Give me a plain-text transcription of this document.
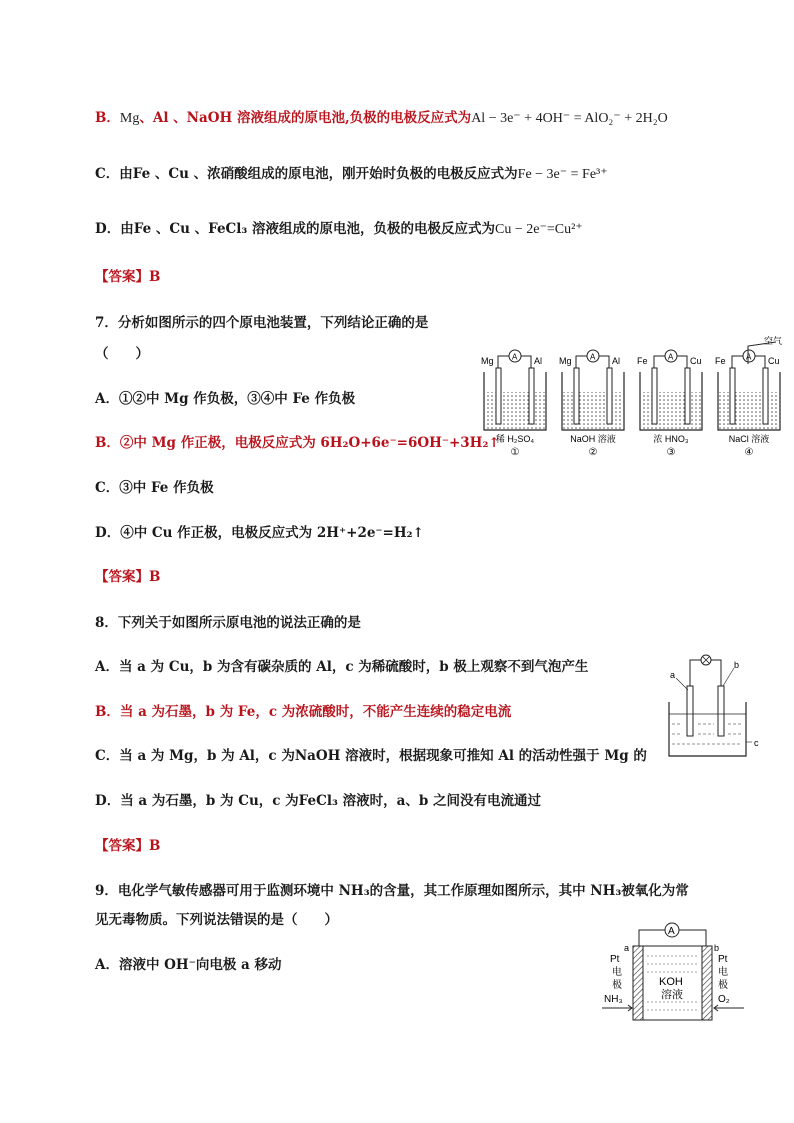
B．Mg、Al 、NaOH 溶液组成的原电池,负极的电极反应式为Al − 3e⁻ + 4OH⁻ = AlO₂⁻ + 2H₂O
C．由Fe 、Cu 、浓硝酸组成的原电池，刚开始时负极的电极反应式为Fe − 3e⁻ = Fe³⁺
D．由Fe 、Cu 、FeCl₃ 溶液组成的原电池，负极的电极反应式为Cu − 2e⁻=Cu²⁺
【答案】B
7．分析如图所示的四个原电池装置，下列结论正确的是
（　　）
A．①②中 Mg 作负极，③④中 Fe 作负极
B．②中 Mg 作正极，电极反应式为 6H₂O+6e⁻=6OH⁻+3H₂↑
C．③中 Fe 作负极
D．④中 Cu 作正极，电极反应式为 2H⁺+2e⁻=H₂↑
【答案】B
A
Mg	Al
稀 H₂SO₄
①
A
Mg	Al
NaOH 溶液
②
A
Fe	Cu
浓 HNO₃
③
A
Fe	Cu
NaCl 溶液
④
空气
8．下列关于如图所示原电池的说法正确的是
A．当 a 为 Cu，b 为含有碳杂质的 Al，c 为稀硫酸时，b 极上观察不到气泡产生
B．当 a 为石墨，b 为 Fe，c 为浓硫酸时，不能产生连续的稳定电流
C．当 a 为 Mg，b 为 Al，c 为NaOH 溶液时，根据现象可推知 Al 的活动性强于 Mg 的
D．当 a 为石墨，b 为 Cu，c 为FeCl₃ 溶液时，a、b 之间没有电流通过
【答案】B
a
b
c
9．电化学气敏传感器可用于监测环境中 NH₃的含量，其工作原理如图所示，其中 NH₃被氧化为常
见无毒物质。下列说法错误的是（　　）
A．溶液中 OH⁻向电极 a 移动
A
KOH
溶液
a	b
Pt
电
极
Pt
电
极
NH₃	O₂
